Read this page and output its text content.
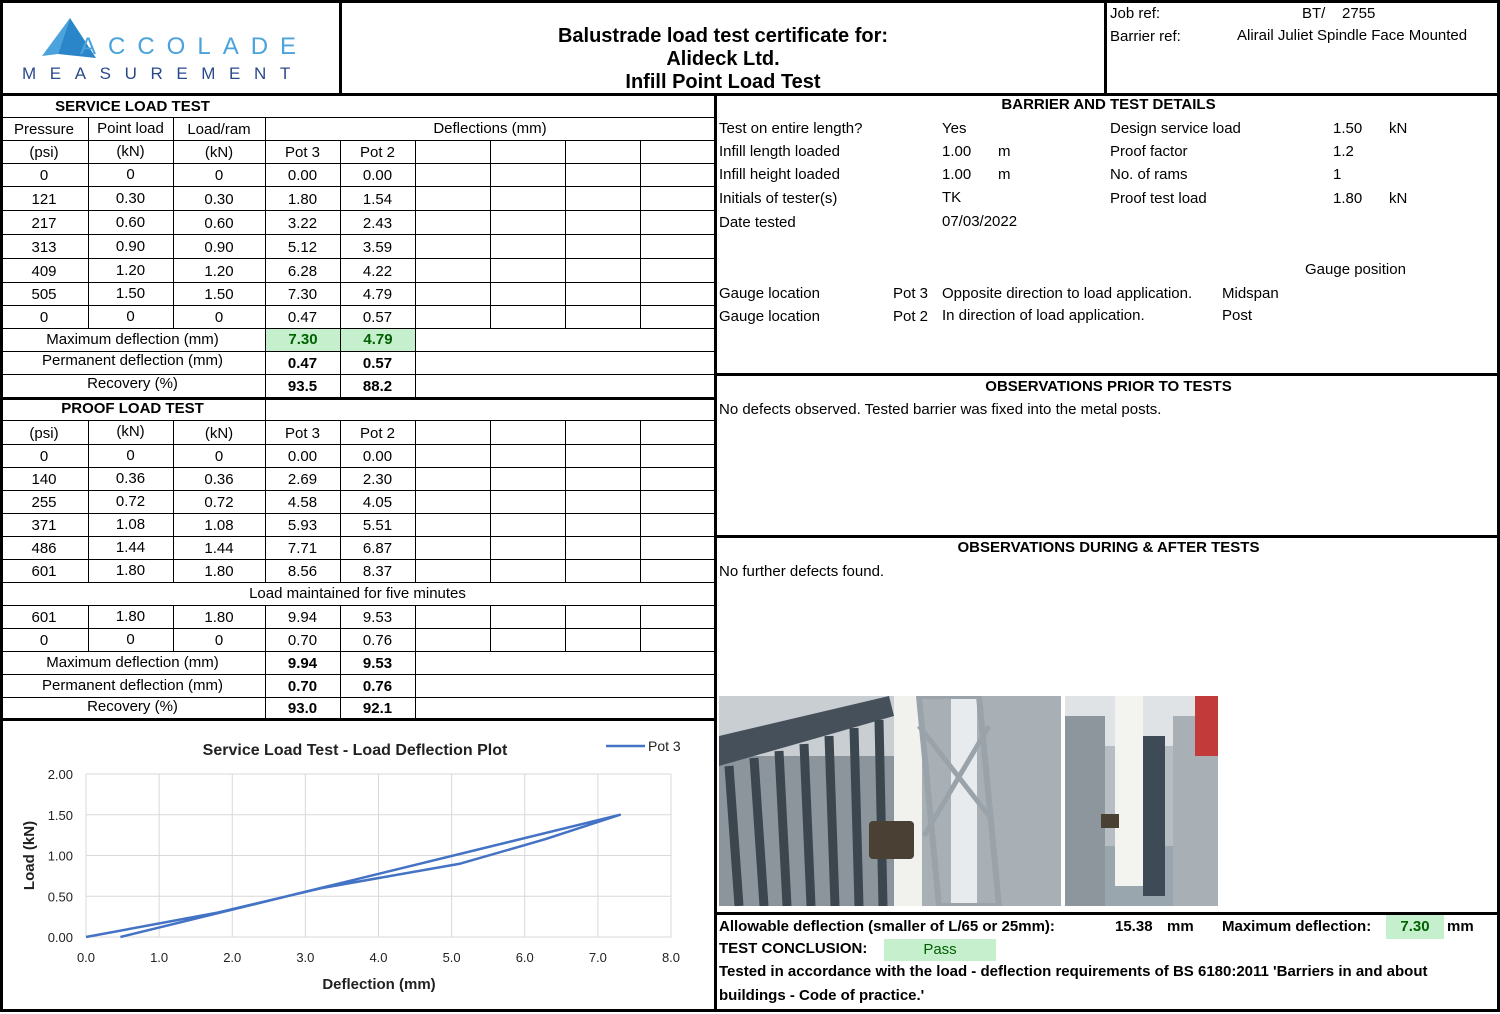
ACCOLADE
MEASUREMENT
Balustrade load test certificate for:
Alideck Ltd.
Infill Point Load Test
Job ref:	BT/ 2755
Barrier ref:	Alirail Juliet Spindle Face Mounted
SERVICE LOAD TEST
Pressure	Point load	Load/ram	Deflections (mm)
(psi)	(kN)	(kN)	Pot 3	Pot 2
0	0	0	0.00	0.00
121	0.30	0.30	1.80	1.54
217	0.60	0.60	3.22	2.43
313	0.90	0.90	5.12	3.59
409	1.20	1.20	6.28	4.22
505	1.50	1.50	7.30	4.79
0	0	0	0.47	0.57
Maximum deflection (mm)	7.30	4.79
Permanent deflection (mm)	0.47	0.57
Recovery (%)	93.5	88.2
PROOF LOAD TEST
(psi)	(kN)	(kN)	Pot 3	Pot 2
0	0	0	0.00	0.00
140	0.36	0.36	2.69	2.30
255	0.72	0.72	4.58	4.05
371	1.08	1.08	5.93	5.51
486	1.44	1.44	7.71	6.87
601	1.80	1.80	8.56	8.37
Load maintained for five minutes
601	1.80	1.80	9.94	9.53
0	0	0	0.70	0.76
Maximum deflection (mm)	9.94	9.53
Permanent deflection (mm)	0.70	0.76
Recovery (%)	93.0	92.1
0.00
0.50
1.00
1.50
2.00
0.0	1.0	2.0	3.0	4.0	5.0	6.0	7.0	8.0
Service Load Test - Load Deflection Plot
Deflection (mm)
Load (kN)
Pot 3
BARRIER AND TEST DETAILS
Test on entire length?	Yes
Infill length loaded	1.00 m
Infill height loaded	1.00 m
Initials of tester(s)	TK
Date tested	07/03/2022
Design service load	1.50 kN
Proof factor	1.2
No. of rams	1
Proof test load	1.80 kN
Gauge position
Gauge location	Pot 3 Opposite direction to load application. Midspan
Gauge location	Pot 2 In direction of load application.	Post
OBSERVATIONS PRIOR TO TESTS
No defects observed. Tested barrier was fixed into the metal posts.
OBSERVATIONS DURING & AFTER TESTS
No further defects found.
Allowable deflection (smaller of L/65 or 25mm):	15.38 mm Maximum deflection:	7.30	mm
TEST CONCLUSION:	Pass
Tested in accordance with the load - deflection requirements of BS 6180:2011 'Barriers in and about
buildings - Code of practice.'
